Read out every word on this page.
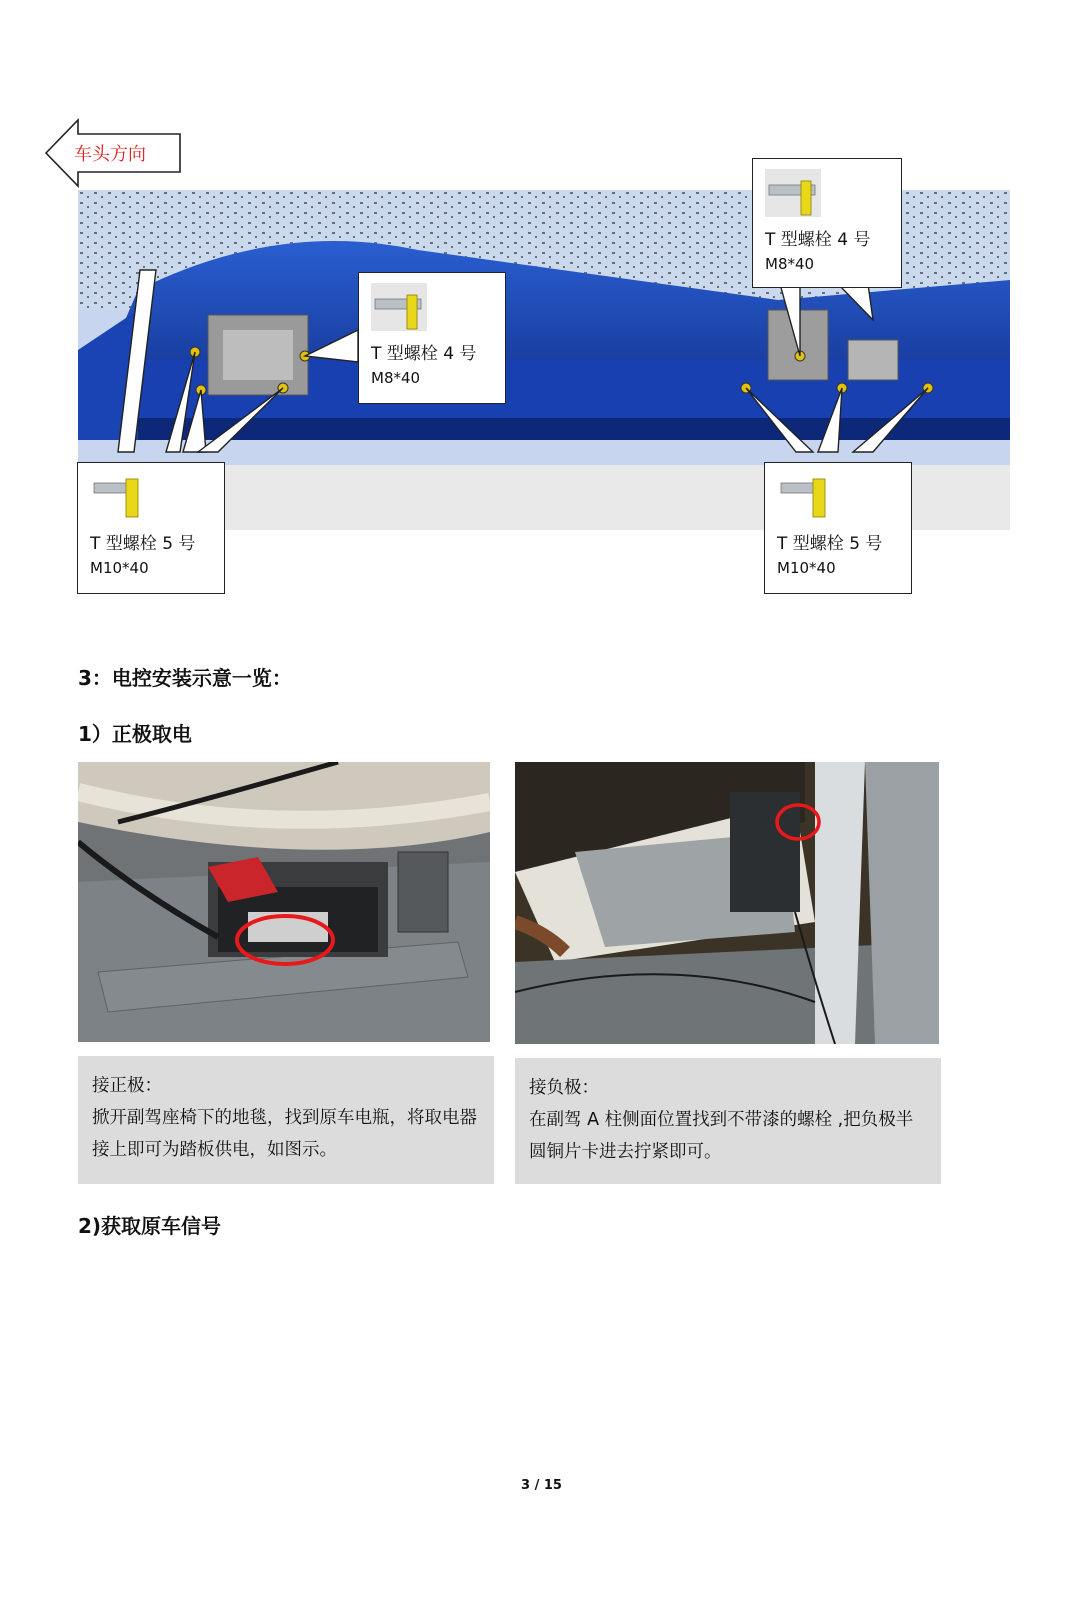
车头方向
T 型螺栓 4 号
M8*40
T 型螺栓 4 号
M8*40
T 型螺栓 5 号
M10*40
T 型螺栓 5 号
M10*40
3：电控安装示意一览：
1）正极取电

接正极：

掀开副驾座椅下的地毯，找到原车电瓶，将取电器接上即可为踏板供电，如图示。

接负极：

在副驾 A 柱侧面位置找到不带漆的螺栓 ,把负极半圆铜片卡进去拧紧即可。

2)获取原车信号
3 / 15
